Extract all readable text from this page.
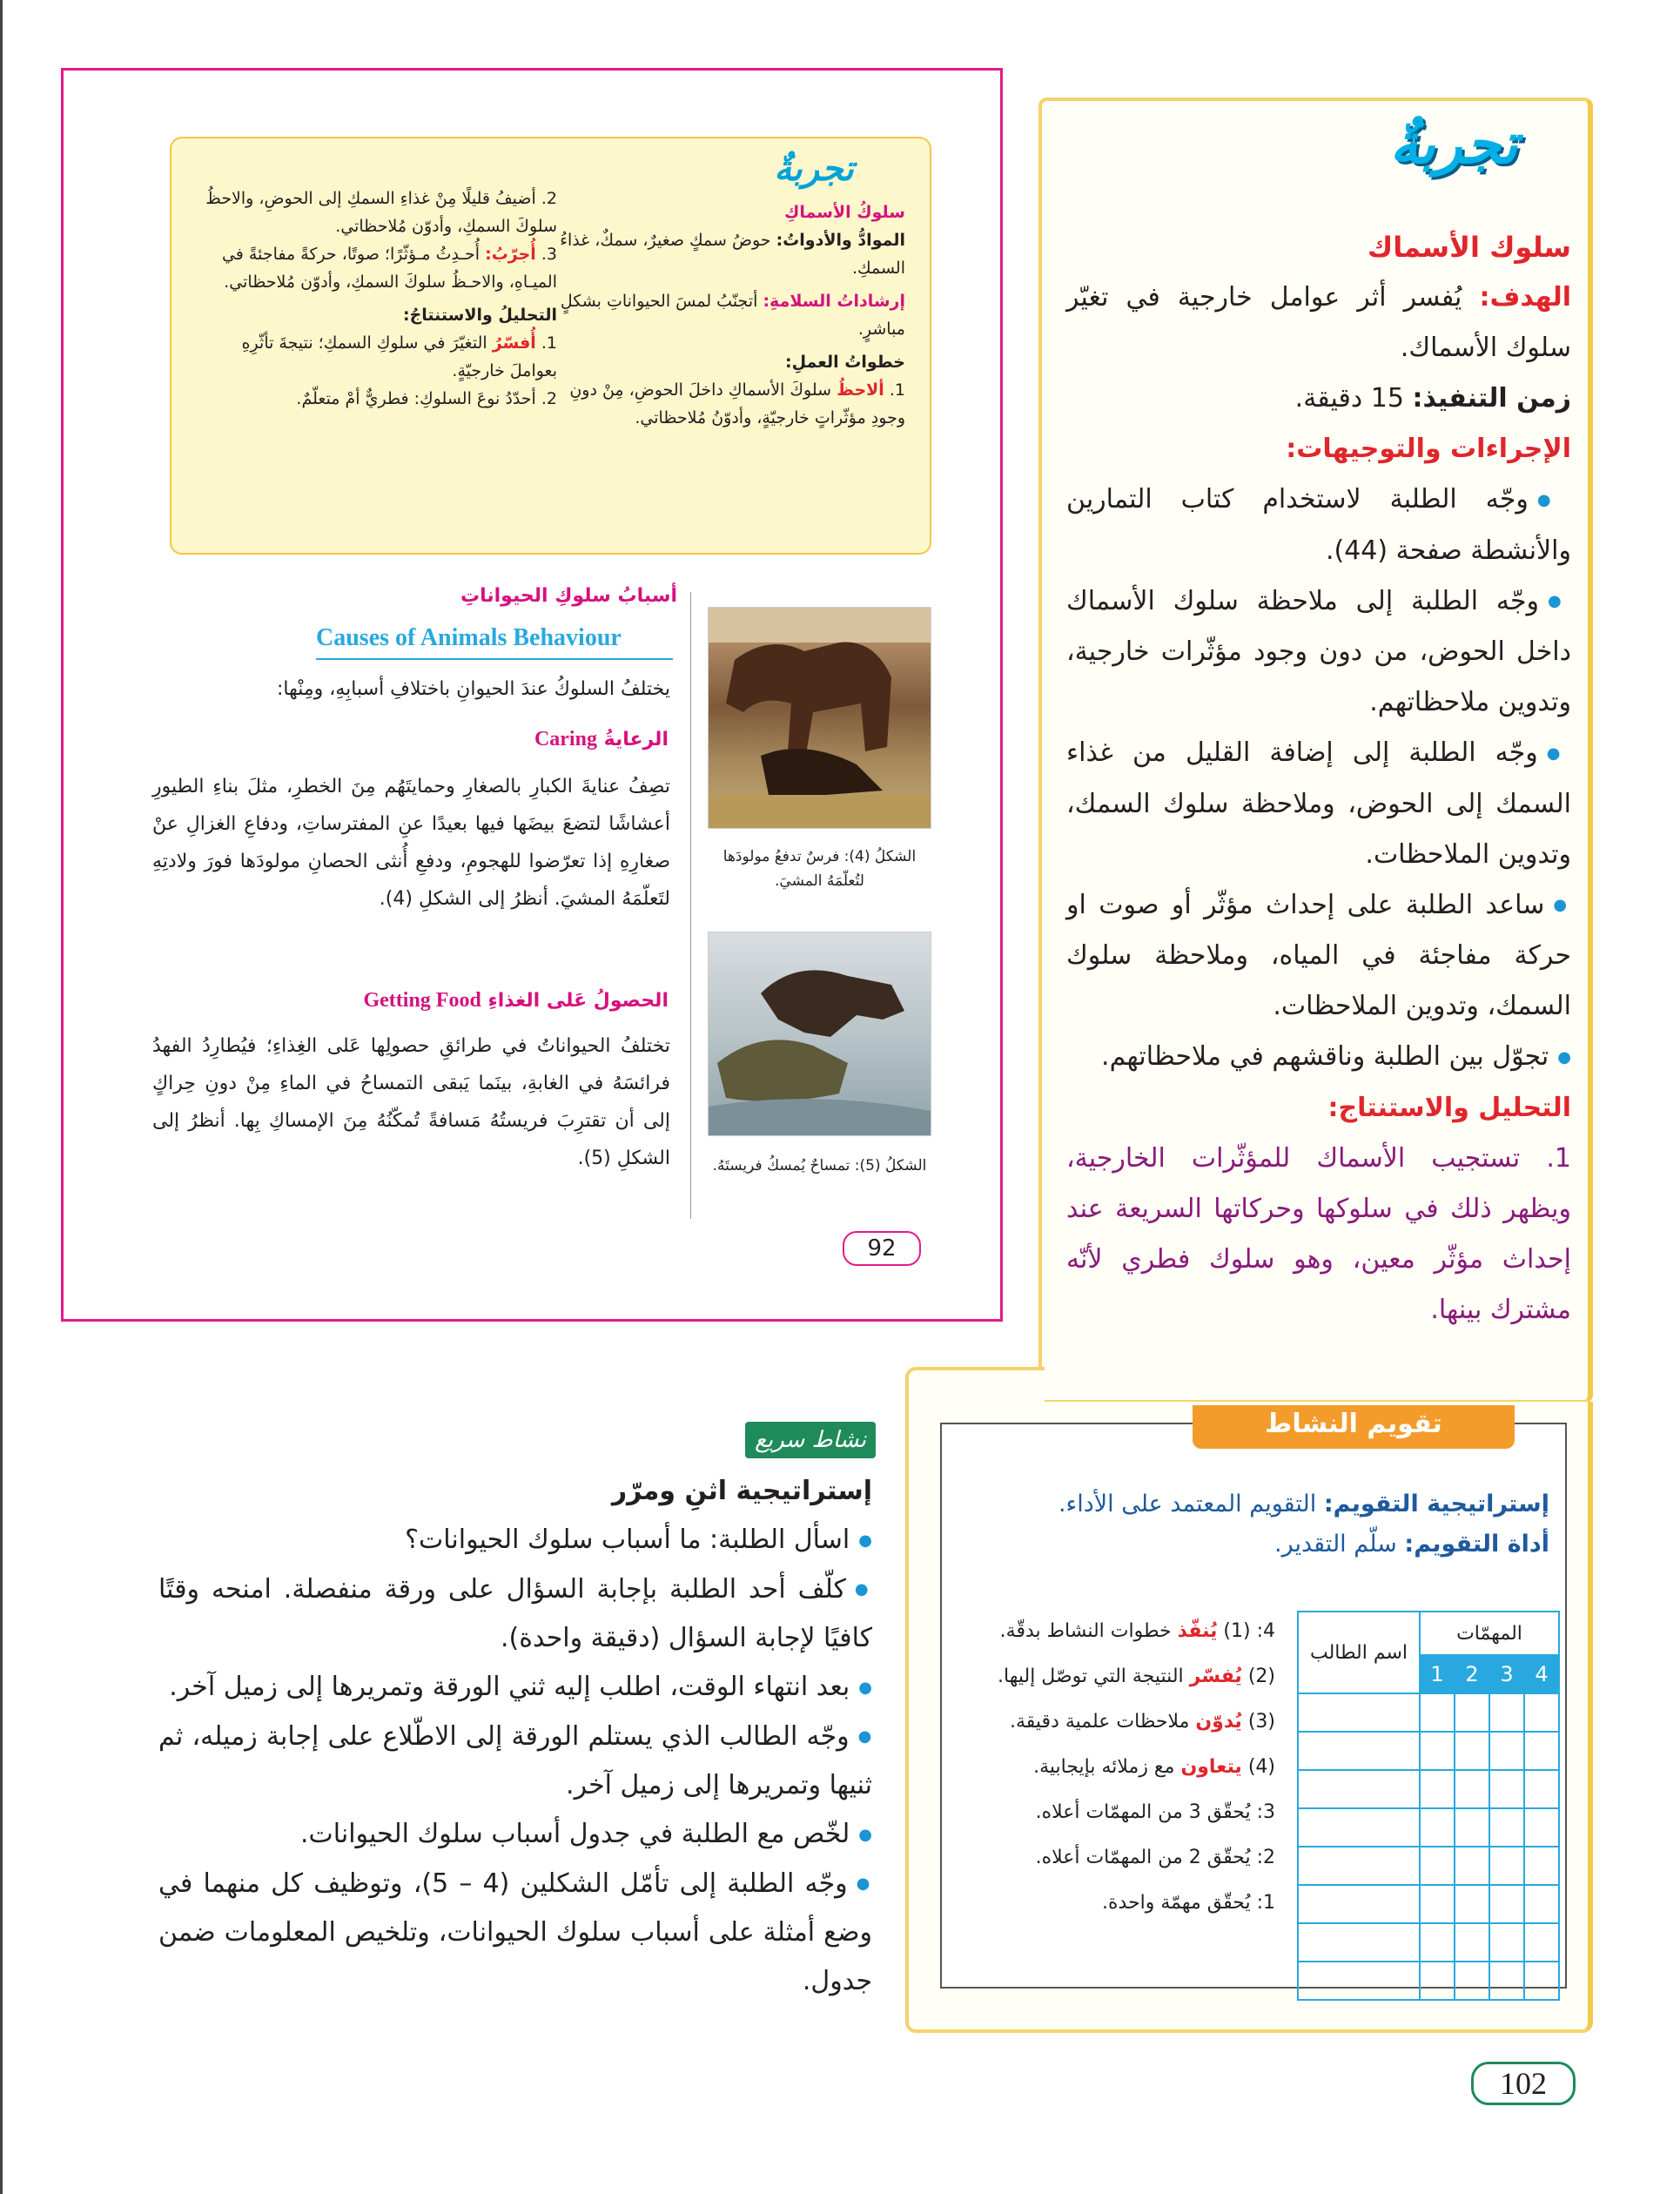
تجربةٌ
سلوكُ الأسماكِ
الموادُّ والأدواتُ: حوضُ سمكٍ صغيرٌ، سمكٌ، غذاءُ السمكِ.
إرشاداتُ السلامةِ: أتجنّبُ لمسَ الحيواناتِ بشكلٍ مباشرٍ.
خطواتُ العملِ:
1. ألاحظُ سلوكَ الأسماكِ داخلَ الحوضِ، مِنْ دونِ وجودِ مؤثّراتٍ خارجيّةٍ، وأدوّنُ مُلاحظاتي.
2. أضيفُ قليلًا مِنْ غذاءِ السمكِ إلى الحوضِ، والاحظُ سلوكَ السمكِ، وأدوّن مُلاحظاتي.
3. أُجرّبُ: أُحـدِثُ مـؤثّرًا؛ صوتًا، حركةً مفاجئةً في الميـاهِ، والاحـظُ سلوكَ السمكِ، وأدوّن مُلاحظاتي.
التحليلُ والاستنتاجُ:
1. أُفسّرُ التغيّرَ في سلوكِ السمكِ؛ نتيجةَ تأثّرِهِ بعواملَ خارجيّةٍ.
2. أحدّدُ نوعَ السلوكِ: فطريٌّ أمْ متعلّمٌ.
أسبابُ سلوكِ الحيواناتِ
Causes of Animals Behaviour
يختلفُ السلوكُ عندَ الحيوانِ باختلافِ أسبابِهِ، ومِنْها:
الرعايةُ Caring
تصِفُ عنايةَ الكبارِ بالصغارِ وحمايتَهُم مِنَ الخطرِ، مثلَ بناءِ الطيورِ أعشاشًا لتضعَ بيضَها فيها بعيدًا عنِ المفترساتِ، ودفاعِ الغزالِ عنْ صغارِهِ إذا تعرّضوا للهجومِ، ودفعِ أُنثى الحصانِ مولودَها فورَ ولادتِهِ لتَعلّمَهُ المشيَ. أنظرُ إلى الشكلِ (4).
الحصولُ عَلى الغذاءِ Getting Food
تختلفُ الحيواناتُ في طرائقِ حصولِها عَلى الغِذاءِ؛ فيُطارِدُ الفهدُ فرائسَهُ في الغابةِ، بينَما يَبقى التمساحُ في الماءِ مِنْ دونِ حِراكٍ إلى أن تقترِبَ فريستُهُ مَسافةً تُمكّنُهُ مِنَ الإمساكِ بِها. أنظرُ إلى الشكلِ (5).
الشكلُ (4): فرسٌ تدفعُ مولودَها لتُعلّمَهُ المشيَ.
الشكلُ (5): تمساحٌ يُمسكُ فريستَهُ.
92
تجربةٌ
سلوك الأسماك
الهدف: يُفسر أثر عوامل خارجية في تغيّر سلوك الأسماك.
زمن التنفيذ: 15 دقيقة.
الإجراءات والتوجيهات:
● وجّه الطلبة لاستخدام كتاب التمارين والأنشطة صفحة (44).
● وجّه الطلبة إلى ملاحظة سلوك الأسماك داخل الحوض، من دون وجود مؤثّرات خارجية، وتدوين ملاحظاتهم.
● وجّه الطلبة إلى إضافة القليل من غذاء السمك إلى الحوض، وملاحظة سلوك السمك، وتدوين الملاحظات.
● ساعد الطلبة على إحداث مؤثّر أو صوت او حركة مفاجئة في المياه، وملاحظة سلوك السمك، وتدوين الملاحظات.
● تجوّل بين الطلبة وناقشهم في ملاحظاتهم.
التحليل والاستنتاج:
1. تستجيب الأسماك للمؤثّرات الخارجية، ويظهر ذلك في سلوكها وحركاتها السريعة عند إحداث مؤثّر معين، وهو سلوك فطري لأنّه مشترك بينها.
تقويم النشاط
إستراتيجية التقويم: التقويم المعتمد على الأداء.
أداة التقويم: سلّم التقدير.
المهمّات				اسم الطالب
4	3	2	1	

4: (1) يُنفّذ خطوات النشاط بدقّة.
(2) يُفسّر النتيجة التي توصّل إليها.
(3) يُدوّن ملاحظات علمية دقيقة.
(4) يتعاون مع زملائه بإيجابية.
3: يُحقّق 3 من المهمّات أعلاه.
2: يُحقّق 2 من المهمّات أعلاه.
1: يُحقّق مهمّة واحدة.
نشاط سريع
إستراتيجية اثنِ ومرّر
● اسأل الطلبة: ما أسباب سلوك الحيوانات؟
● كلّف أحد الطلبة بإجابة السؤال على ورقة منفصلة. امنحه وقتًا كافيًا لإجابة السؤال (دقيقة واحدة).
● بعد انتهاء الوقت، اطلب إليه ثني الورقة وتمريرها إلى زميل آخر.
● وجّه الطالب الذي يستلم الورقة إلى الاطّلاع على إجابة زميله، ثم ثنيها وتمريرها إلى زميل آخر.
● لخّص مع الطلبة في جدول أسباب سلوك الحيوانات.
● وجّه الطلبة إلى تأمّل الشكلين (4 – 5)، وتوظيف كل منهما في وضع أمثلة على أسباب سلوك الحيوانات، وتلخيص المعلومات ضمن جدول.
102
